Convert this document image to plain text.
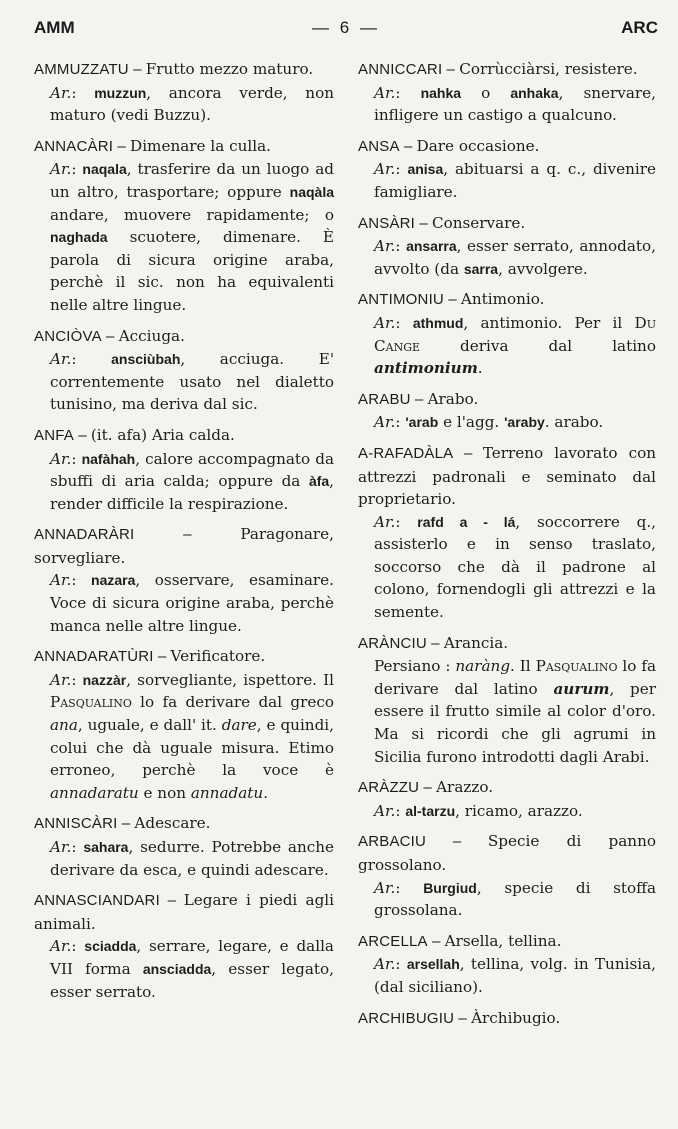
AMM	— 6 —	ARC
AMMUZZATU – Frutto mezzo maturo.
Ar.: muzzun, ancora verde, non maturo (vedi Buzzu).
ANNACÀRI – Dimenare la culla.
Ar.: naqala, trasferire da un luogo ad un altro, trasportare; oppure naqàla andare, muovere rapidamente; o naghada scuotere, dimenare. È parola di sicura origine araba, perchè il sic. non ha equivalenti nelle altre lingue.
ANCIÒVA – Acciuga.
Ar.: ansciùbah, acciuga. E' correntemente usato nel dialetto tunisino, ma deriva dal sic.
ANFA – (it. afa) Aria calda.
Ar.: nafàhah, calore accompagnato da sbuffi di aria calda; oppure da àfa, render difficile la respirazione.
ANNADARÀRI – Paragonare, sorvegliare.
Ar.: nazara, osservare, esaminare. Voce di sicura origine araba, perchè manca nelle altre lingue.
ANNADARATÙRI – Verificatore.
Ar.: nazzàr, sorvegliante, ispettore. Il Pasqualino lo fa derivare dal greco ana, uguale, e dall' it. dare, e quindi, colui che dà uguale misura. Etimo erroneo, perchè la voce è annadaratu e non annadatu.
ANNISCÀRI – Adescare.
Ar.: sahara, sedurre. Potrebbe anche derivare da esca, e quindi adescare.
ANNASCIANDARI – Legare i piedi agli animali.
Ar.: sciadda, serrare, legare, e dalla VII forma ansciadda, esser legato, esser serrato.
ANNICCARI – Corrùcciàrsi, resistere.
Ar.: nahka o anhaka, snervare, infligere un castigo a qualcuno.
ANSA – Dare occasione.
Ar.: anisa, abituarsi a q. c., divenire famigliare.
ANSÀRI – Conservare.
Ar.: ansarra, esser serrato, annodato, avvolto (da sarra, avvolgere.
ANTIMONIU – Antimonio.
Ar.: athmud, antimonio. Per il Du Cange deriva dal latino antimonium.
ARABU – Arabo.
Ar.: 'arab e l'agg. 'araby. arabo.
A-RAFADÀLA – Terreno lavorato con attrezzi padronali e seminato dal proprietario.
Ar.: rafd a - lá, soccorrere q., assisterlo e in senso traslato, soccorso che dà il padrone al colono, fornendogli gli attrezzi e la semente.
ARÀNCIU – Arancia.
Persiano : naràng. Il Pasqualino lo fa derivare dal latino aurum, per essere il frutto simile al color d'oro. Ma si ricordi che gli agrumi in Sicilia furono introdotti dagli Arabi.
ARÀZZU – Arazzo.
Ar.: al-tarzu, ricamo, arazzo.
ARBACIU – Specie di panno grossolano.
Ar.: Burgiud, specie di stoffa grossolana.
ARCELLA – Arsella, tellina.
Ar.: arsellah, tellina, volg. in Tunisia, (dal siciliano).
ARCHIBUGIU – Àrchibugio.
